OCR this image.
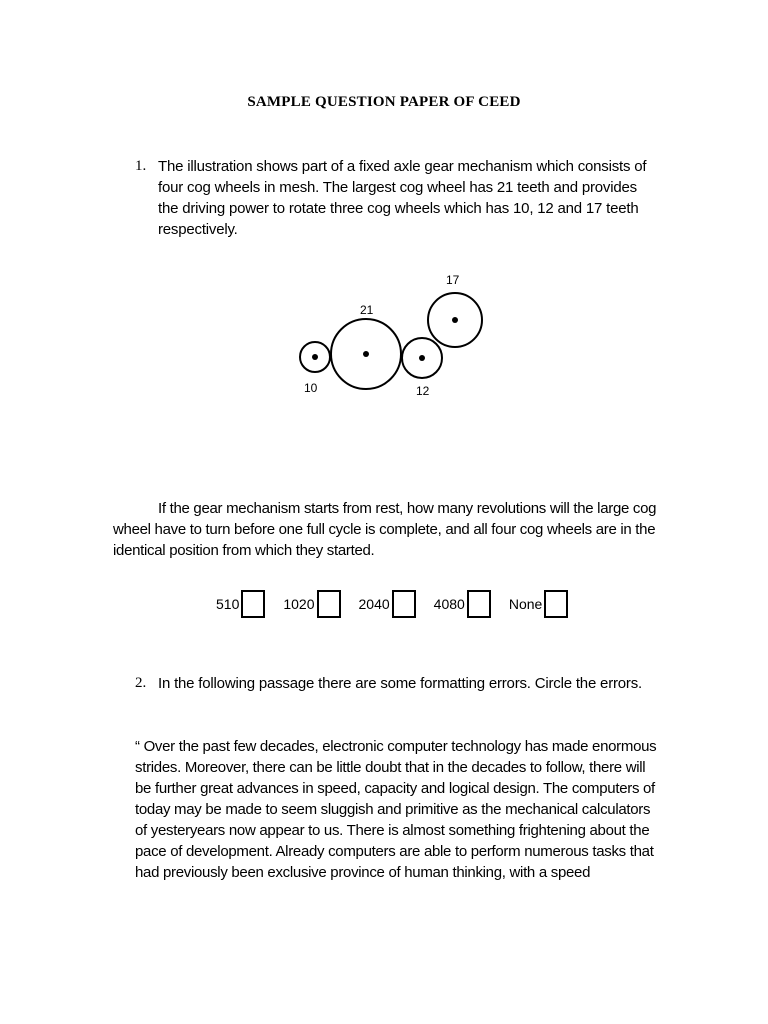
SAMPLE QUESTION PAPER OF CEED
1. The illustration shows part of a fixed axle gear mechanism which consists of four cog wheels in mesh. The largest cog wheel has 21 teeth and provides the driving power to rotate three cog wheels which has 10, 12 and 17 teeth respectively.
10
21
12
17
If the gear mechanism starts from rest, how many revolutions will the large cog wheel have to turn before one full cycle is complete, and all four cog wheels are in the identical position from which they started.
510	1020	2040	4080	None
2. In the following passage there are some formatting errors. Circle the errors.
“ Over the past few decades, electronic computer technology has made enormous strides. Moreover, there can be little doubt that in the decades to follow, there will be further great advances in speed, capacity and logical design. The computers of today may be made to seem sluggish and primitive as the mechanical calculators of yesteryears now appear to us. There is almost something frightening about the pace of development. Already computers are able to perform numerous tasks that had previously been exclusive province of human thinking, with a speed
